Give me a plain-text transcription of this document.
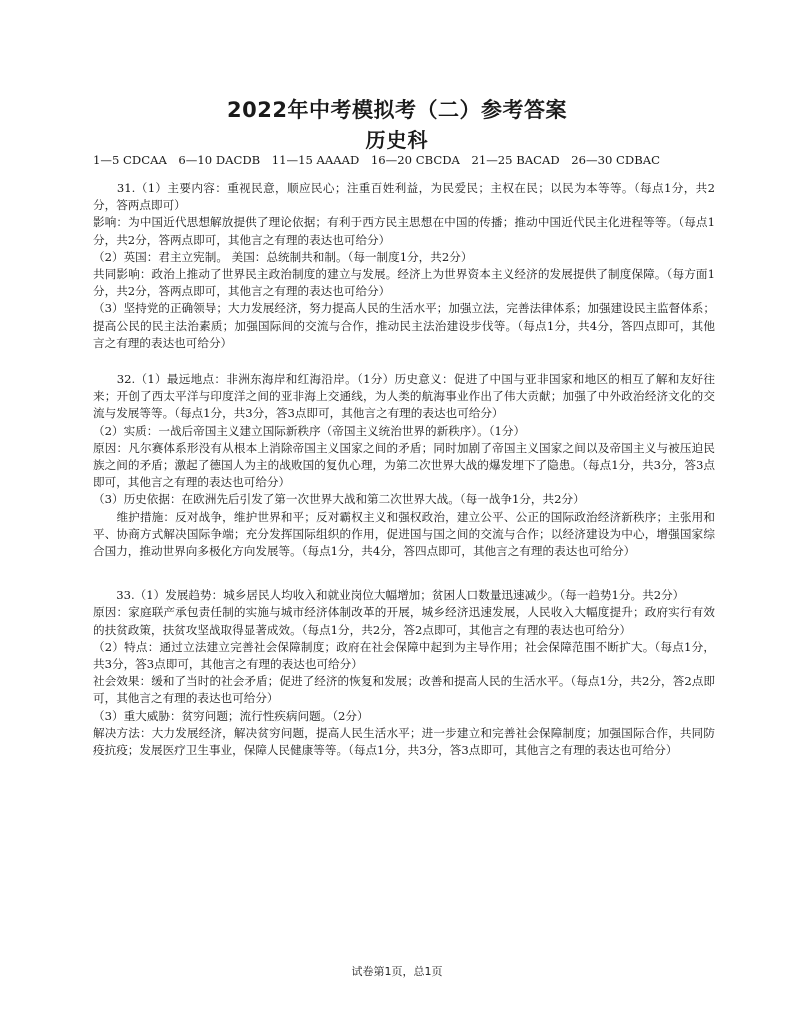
2022年中考模拟考（二）参考答案
历史科
1—5 CDCAA　6—10 DACDB　11—15 AAAAD　16—20 CBCDA　21—25 BACAD　26—30 CDBAC

　　31.（1）主要内容：重视民意，顺应民心；注重百姓利益，为民爱民；主权在民；以民为本等等。（每点1分，共2分，答两点即可）

影响：为中国近代思想解放提供了理论依据；有利于西方民主思想在中国的传播；推动中国近代民主化进程等等。（每点1分，共2分，答两点即可，其他言之有理的表达也可给分）

（2）英国：君主立宪制。 美国：总统制共和制。（每一制度1分，共2分）

共同影响：政治上推动了世界民主政治制度的建立与发展。经济上为世界资本主义经济的发展提供了制度保障。（每方面1分，共2分，答两点即可，其他言之有理的表达也可给分）

（3）坚持党的正确领导；大力发展经济，努力提高人民的生活水平；加强立法，完善法律体系；加强建设民主监督体系；提高公民的民主法治素质；加强国际间的交流与合作，推动民主法治建设步伐等。（每点1分，共4分，答四点即可，其他言之有理的表达也可给分）

　　32.（1）最远地点：非洲东海岸和红海沿岸。（1分）历史意义：促进了中国与亚非国家和地区的相互了解和友好往来；开创了西太平洋与印度洋之间的亚非海上交通线，为人类的航海事业作出了伟大贡献；加强了中外政治经济文化的交流与发展等等。（每点1分，共3分，答3点即可，其他言之有理的表达也可给分）

（2）实质：一战后帝国主义建立国际新秩序（帝国主义统治世界的新秩序）。（1分）

原因：凡尔赛体系形没有从根本上消除帝国主义国家之间的矛盾；同时加剧了帝国主义国家之间以及帝国主义与被压迫民族之间的矛盾；激起了德国人为主的战败国的复仇心理，为第二次世界大战的爆发埋下了隐患。（每点1分，共3分，答3点即可，其他言之有理的表达也可给分）

（3）历史依据：在欧洲先后引发了第一次世界大战和第二次世界大战。（每一战争1分，共2分）

　　维护措施：反对战争，维护世界和平；反对霸权主义和强权政治，建立公平、公正的国际政治经济新秩序；主张用和平、协商方式解决国际争端；充分发挥国际组织的作用，促进国与国之间的交流与合作；以经济建设为中心，增强国家综合国力，推动世界向多极化方向发展等。（每点1分，共4分，答四点即可，其他言之有理的表达也可给分）

　　33.（1）发展趋势：城乡居民人均收入和就业岗位大幅增加；贫困人口数量迅速减少。（每一趋势1分。共2分）

原因：家庭联产承包责任制的实施与城市经济体制改革的开展，城乡经济迅速发展，人民收入大幅度提升；政府实行有效的扶贫政策，扶贫攻坚战取得显著成效。（每点1分，共2分，答2点即可，其他言之有理的表达也可给分）

（2）特点：通过立法建立完善社会保障制度；政府在社会保障中起到为主导作用；社会保障范围不断扩大。（每点1分，共3分，答3点即可，其他言之有理的表达也可给分）

社会效果：缓和了当时的社会矛盾；促进了经济的恢复和发展；改善和提高人民的生活水平。（每点1分，共2分，答2点即可，其他言之有理的表达也可给分）

（3）重大威胁：贫穷问题；流行性疾病问题。（2分）

解决方法：大力发展经济，解决贫穷问题，提高人民生活水平；进一步建立和完善社会保障制度；加强国际合作，共同防疫抗疫；发展医疗卫生事业，保障人民健康等等。（每点1分，共3分，答3点即可，其他言之有理的表达也可给分）

试卷第1页，总1页
